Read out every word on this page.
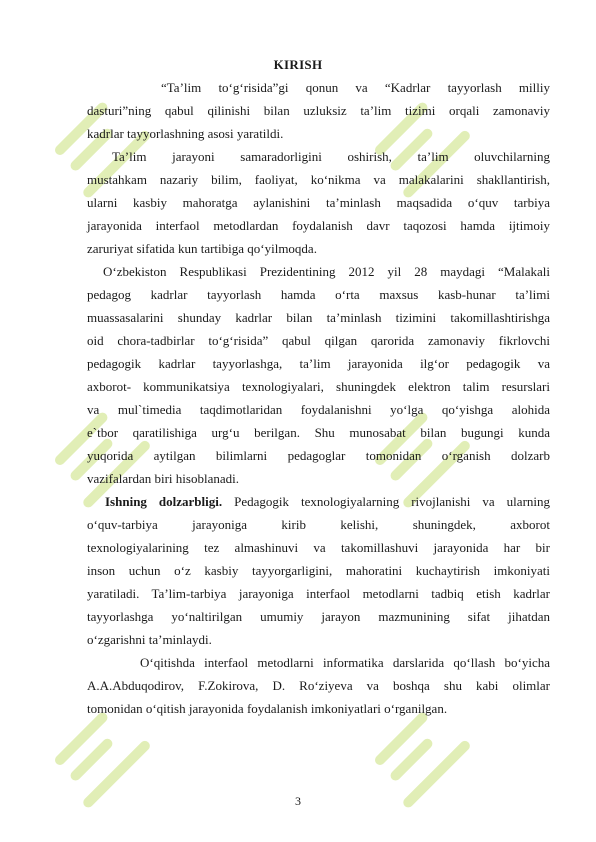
KIRISH
“Ta’lim to‘g‘risida”gi qonun va “Kadrlar tayyorlash milliy
dasturi”ning qabul qilinishi bilan uzluksiz ta’lim tizimi orqali zamonaviy
kadrlar tayyorlashning asosi yaratildi.
Ta’lim jarayoni samaradorligini oshirish, ta’lim oluvchilarning
mustahkam nazariy bilim, faoliyat, ko‘nikma va malakalarini shakllantirish,
ularni kasbiy mahoratga aylanishini ta’minlash maqsadida o‘quv tarbiya
jarayonida interfaol metodlardan foydalanish davr taqozosi hamda ijtimoiy
zaruriyat sifatida kun tartibiga qo‘yilmoqda.
O‘zbekiston Respublikasi Prezidentining 2012 yil 28 maydagi “Malakali
pedagog kadrlar tayyorlash hamda o‘rta maxsus kasb-hunar ta’limi
muassasalarini shunday kadrlar bilan ta’minlash tizimini takomillashtirishga
oid chora-tadbirlar to‘g‘risida” qabul qilgan qarorida zamonaviy fikrlovchi
pedagogik kadrlar tayyorlashga, ta’lim jarayonida ilg‘or pedagogik va
axborot- kommunikatsiya texnologiyalari, shuningdek elektron talim resurslari
va mul`timedia taqdimotlaridan foydalanishni yo‘lga qo‘yishga alohida
e`tbor qaratilishiga urg‘u berilgan. Shu munosabat bilan bugungi kunda
yuqorida aytilgan bilimlarni pedagoglar tomonidan o‘rganish dolzarb
vazifalardan biri hisoblanadi.
Ishning dolzarbligi. Pedagogik texnologiyalarning rivojlanishi va ularning
o‘quv-tarbiya jarayoniga kirib kelishi, shuningdek, axborot
texnologiyalarining tez almashinuvi va takomillashuvi jarayonida har bir
inson uchun o‘z kasbiy tayyorgarligini, mahoratini kuchaytirish imkoniyati
yaratiladi. Ta’lim-tarbiya jarayoniga interfaol metodlarni tadbiq etish kadrlar
tayyorlashga yo‘naltirilgan umumiy jarayon mazmunining sifat jihatdan
o‘zgarishni ta’minlaydi.
O‘qitishda interfaol metodlarni informatika darslarida qo‘llash bo‘yicha
A.A.Abduqodirov, F.Zokirova, D. Ro‘ziyeva va boshqa shu kabi olimlar
tomonidan o‘qitish jarayonida foydalanish imkoniyatlari o‘rganilgan.
3
